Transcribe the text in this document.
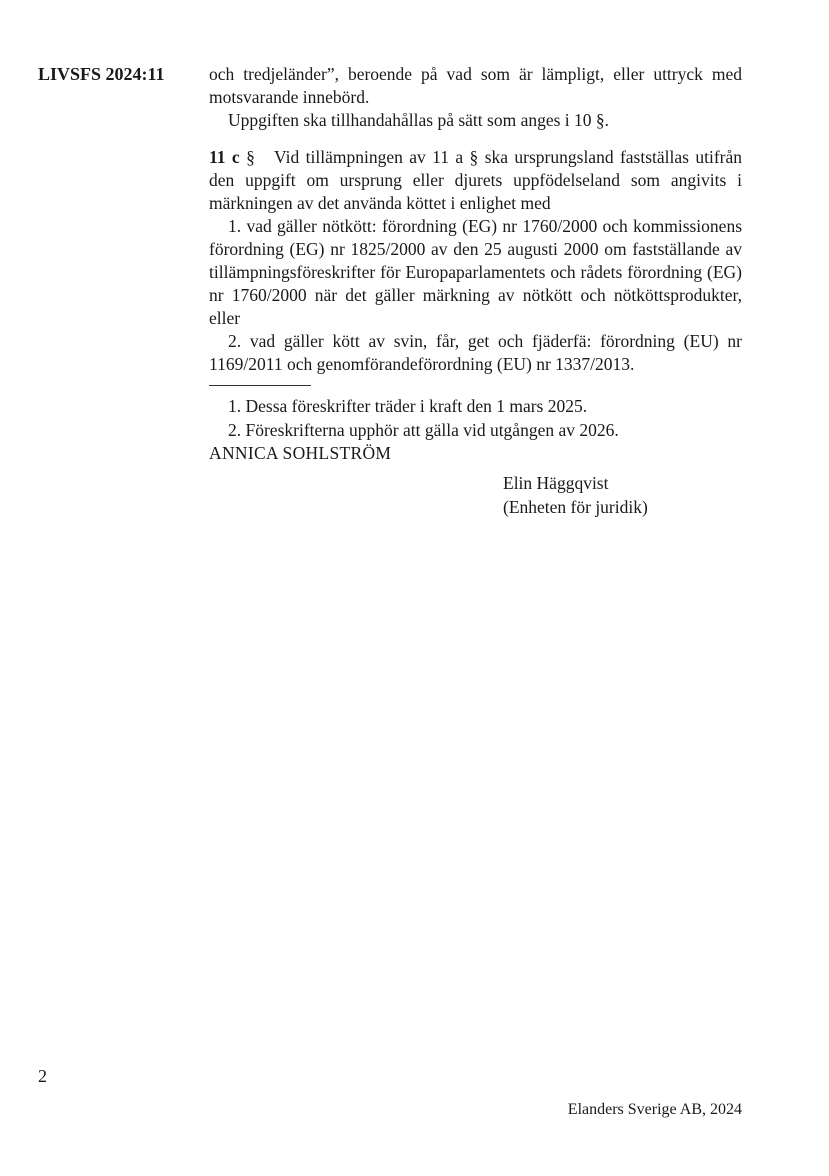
LIVSFS 2024:11	och tredjeländer”, beroende på vad som är lämpligt, eller uttryck med motsvarande innebörd.

Uppgiften ska tillhandahållas på sätt som anges i 10 §.

11 c § Vid tillämpningen av 11 a § ska ursprungsland fastställas utifrån den uppgift om ursprung eller djurets uppfödelseland som angivits i märkningen av det använda köttet i enlighet med

1. vad gäller nötkött: förordning (EG) nr 1760/2000 och kommissionens förordning (EG) nr 1825/2000 av den 25 augusti 2000 om fastställande av tillämpningsföreskrifter för Europaparlamentets och rådets förordning (EG) nr 1760/2000 när det gäller märkning av nötkött och nötköttsprodukter, eller

2. vad gäller kött av svin, får, get och fjäderfä: förordning (EU) nr 1169/2011 och genomförandeförordning (EU) nr 1337/2013.

1. Dessa föreskrifter träder i kraft den 1 mars 2025.

2. Föreskrifterna upphör att gälla vid utgången av 2026.

ANNICA SOHLSTRÖM

Elin Häggqvist

(Enheten för juridik)

2
Elanders Sverige AB, 2024
